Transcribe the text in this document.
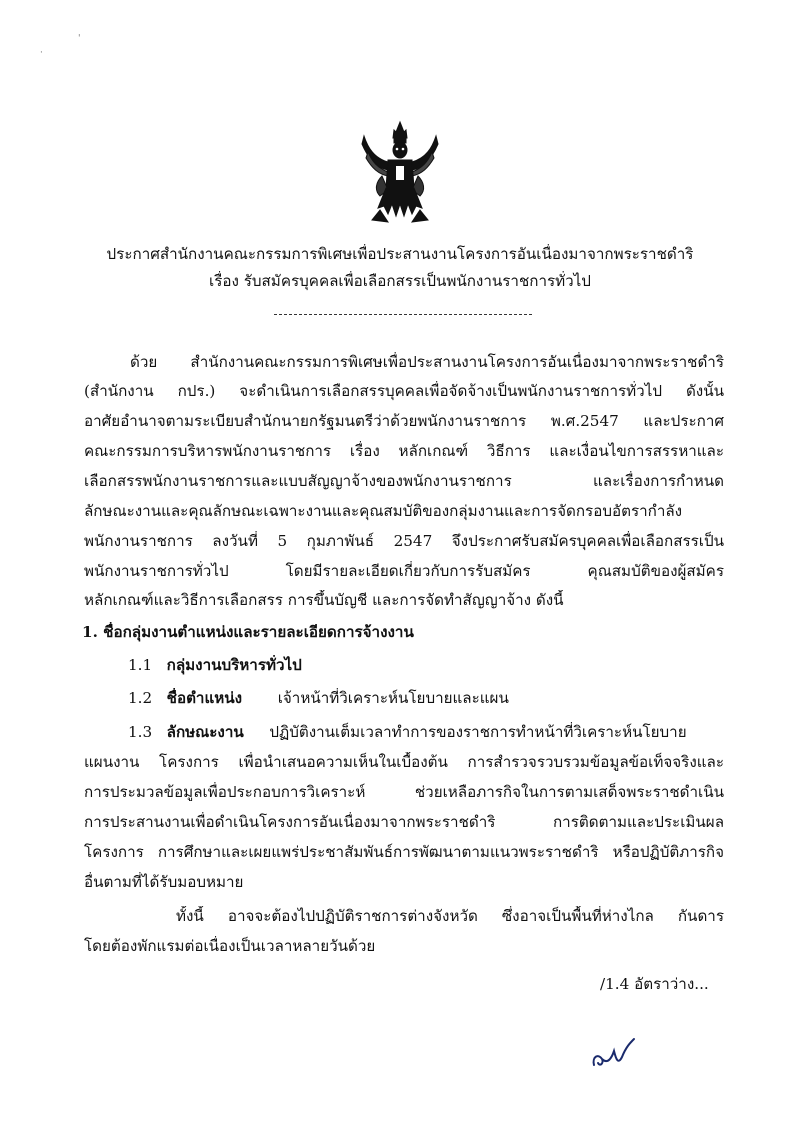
'
·
ประกาศสำนักงานคณะกรรมการพิเศษเพื่อประสานงานโครงการอันเนื่องมาจากพระราชดำริ
เรื่อง รับสมัครบุคคลเพื่อเลือกสรรเป็นพนักงานราชการทั่วไป
ด้วย สำนักงานคณะกรรมการพิเศษเพื่อประสานงานโครงการอันเนื่องมาจากพระราชดำริ
(สำนักงาน กปร.) จะดำเนินการเลือกสรรบุคคลเพื่อจัดจ้างเป็นพนักงานราชการทั่วไป ดังนั้น
อาศัยอำนาจตามระเบียบสำนักนายกรัฐมนตรีว่าด้วยพนักงานราชการ พ.ศ.2547 และประกาศ
คณะกรรมการบริหารพนักงานราชการ เรื่อง หลักเกณฑ์ วิธีการ และเงื่อนไขการสรรหาและ
เลือกสรรพนักงานราชการและแบบสัญญาจ้างของพนักงานราชการ และเรื่องการกำหนด
ลักษณะงานและคุณลักษณะเฉพาะงานและคุณสมบัติของกลุ่มงานและการจัดกรอบอัตรากำลัง
พนักงานราชการ ลงวันที่ 5 กุมภาพันธ์ 2547 จึงประกาศรับสมัครบุคคลเพื่อเลือกสรรเป็น
พนักงานราชการทั่วไป โดยมีรายละเอียดเกี่ยวกับการรับสมัคร คุณสมบัติของผู้สมัคร
หลักเกณฑ์และวิธีการเลือกสรร การขึ้นบัญชี และการจัดทำสัญญาจ้าง ดังนี้
1. ชื่อกลุ่มงานตำแหน่งและรายละเอียดการจ้างงาน
1.1 กลุ่มงานบริหารทั่วไป
1.2 ชื่อตำแหน่ง เจ้าหน้าที่วิเคราะห์นโยบายและแผน
1.3 ลักษณะงาน ปฏิบัติงานเต็มเวลาทำการของราชการทำหน้าที่วิเคราะห์นโยบาย
แผนงาน โครงการ เพื่อนำเสนอความเห็นในเบื้องต้น การสำรวจรวบรวมข้อมูลข้อเท็จจริงและ
การประมวลข้อมูลเพื่อประกอบการวิเคราะห์ ช่วยเหลือภารกิจในการตามเสด็จพระราชดำเนิน
การประสานงานเพื่อดำเนินโครงการอันเนื่องมาจากพระราชดำริ การติดตามและประเมินผล
โครงการ การศึกษาและเผยแพร่ประชาสัมพันธ์การพัฒนาตามแนวพระราชดำริ หรือปฏิบัติภารกิจ
อื่นตามที่ได้รับมอบหมาย
ทั้งนี้ อาจจะต้องไปปฏิบัติราชการต่างจังหวัด ซึ่งอาจเป็นพื้นที่ห่างไกล กันดาร
โดยต้องพักแรมต่อเนื่องเป็นเวลาหลายวันด้วย
/1.4 อัตราว่าง...
